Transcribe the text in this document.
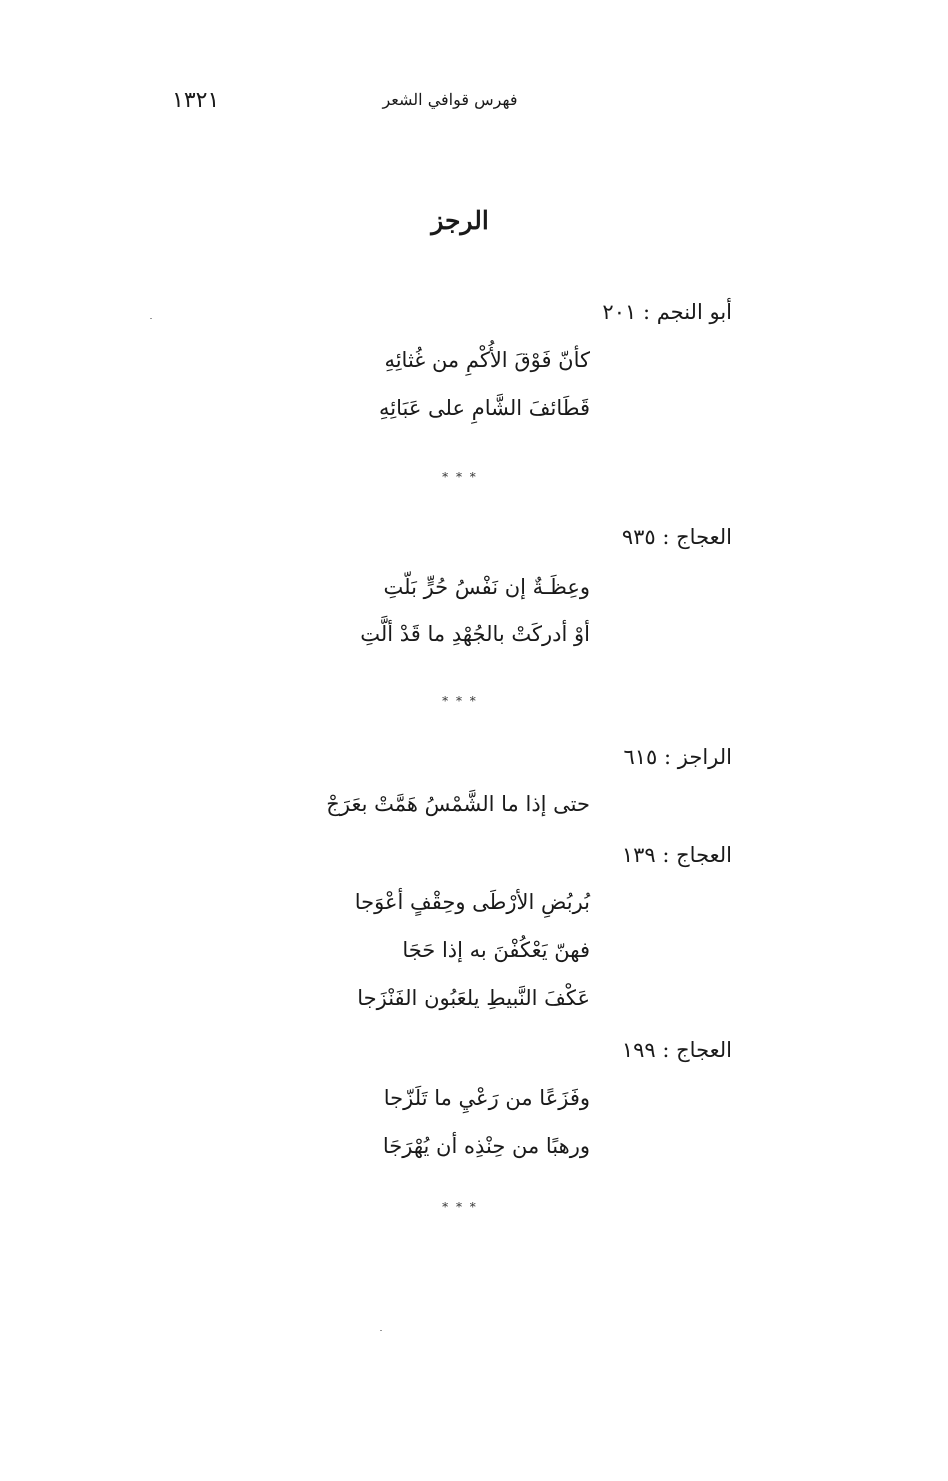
١٣٢١	فهرس قوافي الشعر
الرجز
أبو النجم : ٢٠١
كأنّ فَوْقَ الأُكْمِ من غُثائِهِ
قَطَائفَ الشَّامِ على عَبَائِهِ
* * *
العجاج : ٩٣٥
وعِظَـةٌ إن نَفْسُ حُرٍّ بَلّتِ
أوْ أدركَتْ بالجُهْدِ ما قَدْ ألَّتِ
* * *
الراجز : ٦١٥
حتى إذا ما الشَّمْسُ هَمَّتْ بعَرَجْ
العجاج : ١٣٩
بُربُضِ الأرْطَى وحِقْفٍ أعْوَجا
فهنّ يَعْكُفْنَ به إذا حَجَا
عَكْفَ النَّبيطِ يلعَبُون الفَنْزَجا
العجاج : ١٩٩
وفَزَعًا من رَعْيِ ما تَلَزّجا
ورهبًا من حِنْذِه أن يُهْرَجَا
* * *
